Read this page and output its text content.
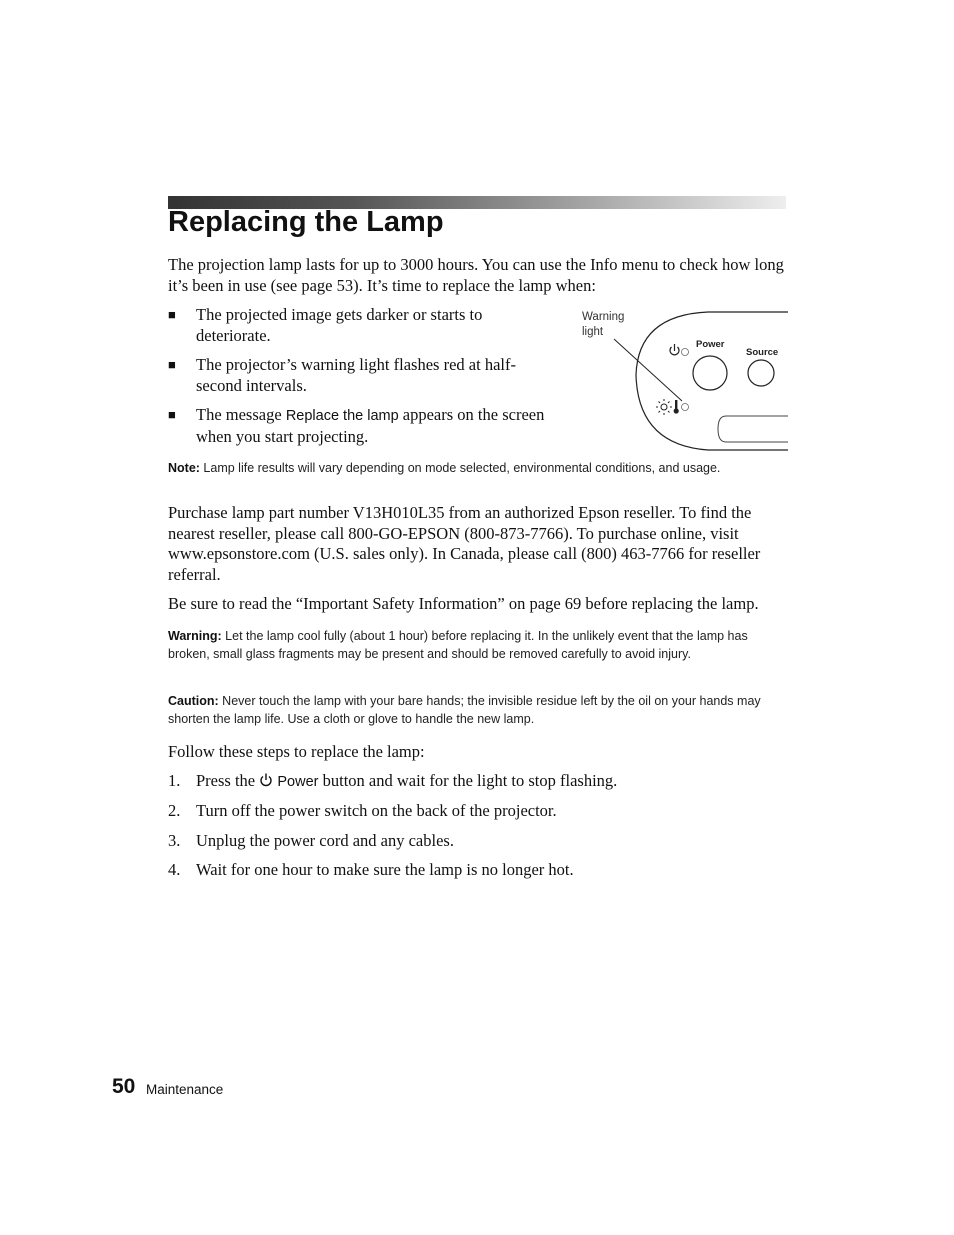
Replacing the Lamp

The projection lamp lasts for up to 3000 hours. You can use the Info menu to check how long it’s been in use (see page 53). It’s time to replace the lamp when:

■ The projected image gets darker or starts to deteriorate.
■ The projector’s warning light flashes red at half-second intervals.
■ The message Replace the lamp appears on the screen when you start projecting.
Warning
light
Power
Source
Note: Lamp life results will vary depending on mode selected, environmental conditions, and usage.

Purchase lamp part number V13H010L35 from an authorized Epson reseller. To find the nearest reseller, please call 800-GO-EPSON (800-873-7766). To purchase online, visit www.epsonstore.com (U.S. sales only). In Canada, please call (800) 463-7766 for reseller referral.

Be sure to read the “Important Safety Information” on page 69 before replacing the lamp.

Warning: Let the lamp cool fully (about 1 hour) before replacing it. In the unlikely event that the lamp has broken, small glass fragments may be present and should be removed carefully to avoid injury.
Caution: Never touch the lamp with your bare hands; the invisible residue left by the oil on your hands may shorten the lamp life. Use a cloth or glove to handle the new lamp.

Follow these steps to replace the lamp:

1. Press the  Power button and wait for the light to stop flashing.
2. Turn off the power switch on the back of the projector.
3. Unplug the power cord and any cables.
4. Wait for one hour to make sure the lamp is no longer hot.
50 Maintenance
